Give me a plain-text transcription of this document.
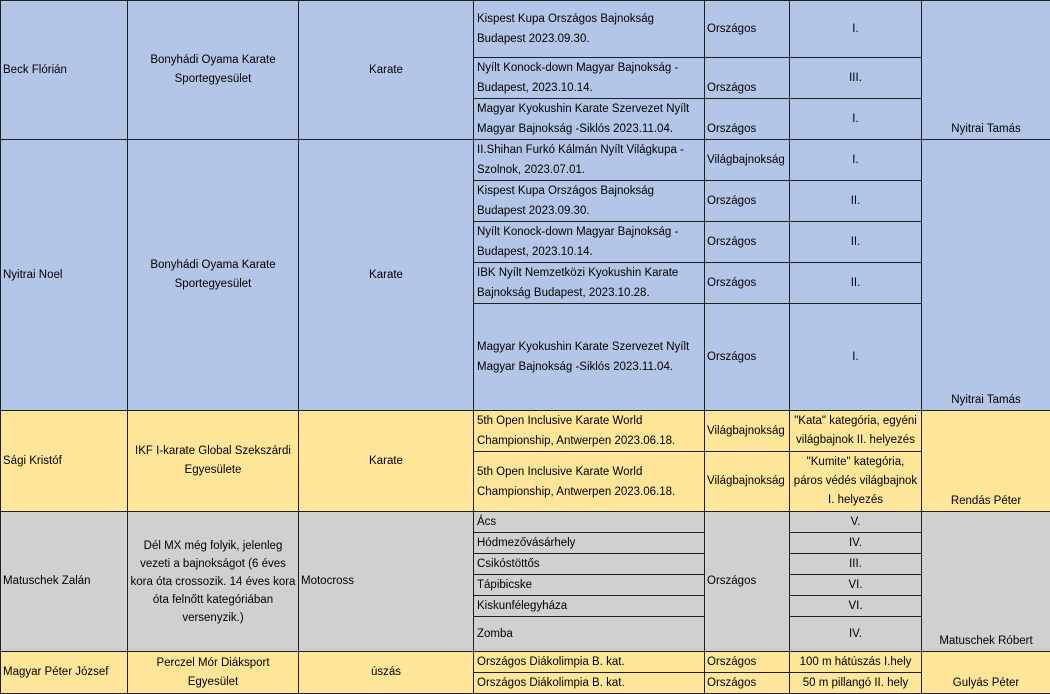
Beck Flórián	Bonyhádi Oyama Karate Sportegyesület	Karate	Kispest Kupa Országos Bajnokság Budapest 2023.09.30.	Országos	I.	Nyitrai Tamás
			Nyílt Konock-down Magyar Bajnokság - Budapest, 2023.10.14.	Országos	III.	
			Magyar Kyokushin Karate Szervezet Nyílt Magyar Bajnokság -Siklós 2023.11.04.	Országos	I.	
Nyitrai Noel	Bonyhádi Oyama Karate Sportegyesület	Karate	II.Shihan Furkó Kálmán Nyílt Világkupa - Szolnok, 2023.07.01.	Világbajnokság	I.	Nyitrai Tamás
			Kispest Kupa Országos Bajnokság Budapest 2023.09.30.	Országos	II.	
			Nyílt Konock-down Magyar Bajnokság - Budapest, 2023.10.14.	Országos	II.	
			IBK Nyílt Nemzetközi Kyokushin Karate Bajnokság Budapest, 2023.10.28.	Országos	II.	
			Magyar Kyokushin Karate Szervezet Nyílt Magyar Bajnokság -Siklós 2023.11.04.	Országos	I.	
Sági Kristóf	IKF I-karate Global Szekszárdi Egyesülete	Karate	5th Open Inclusive Karate World Championship, Antwerpen 2023.06.18.	Világbajnokság	"Kata" kategória, egyéni világbajnok II. helyezés	Rendás Péter
			5th Open Inclusive Karate World Championship, Antwerpen 2023.06.18.	Világbajnokság	"Kumite" kategória, páros védés világbajnok I. helyezés	
Matuschek Zalán	Dél MX még folyik, jelenleg vezeti a bajnokságot (6 éves kora óta crossozik. 14 éves kora óta felnőtt kategóriában versenyzik.)	Motocross	Ács	Országos	V.	Matuschek Róbert
			Hódmezővásárhely		IV.	
			Csikóstöttős		III.	
			Tápibicske		VI.	
			Kiskunfélegyháza		VI.	
			Zomba		IV.	
Magyar Péter József	Perczel Mór Diáksport Egyesület	úszás	Országos Diákolimpia B. kat.	Országos	100 m hátúszás I.hely	Gulyás Péter
			Országos Diákolimpia B. kat.	Országos	50 m pillangó II. hely	
